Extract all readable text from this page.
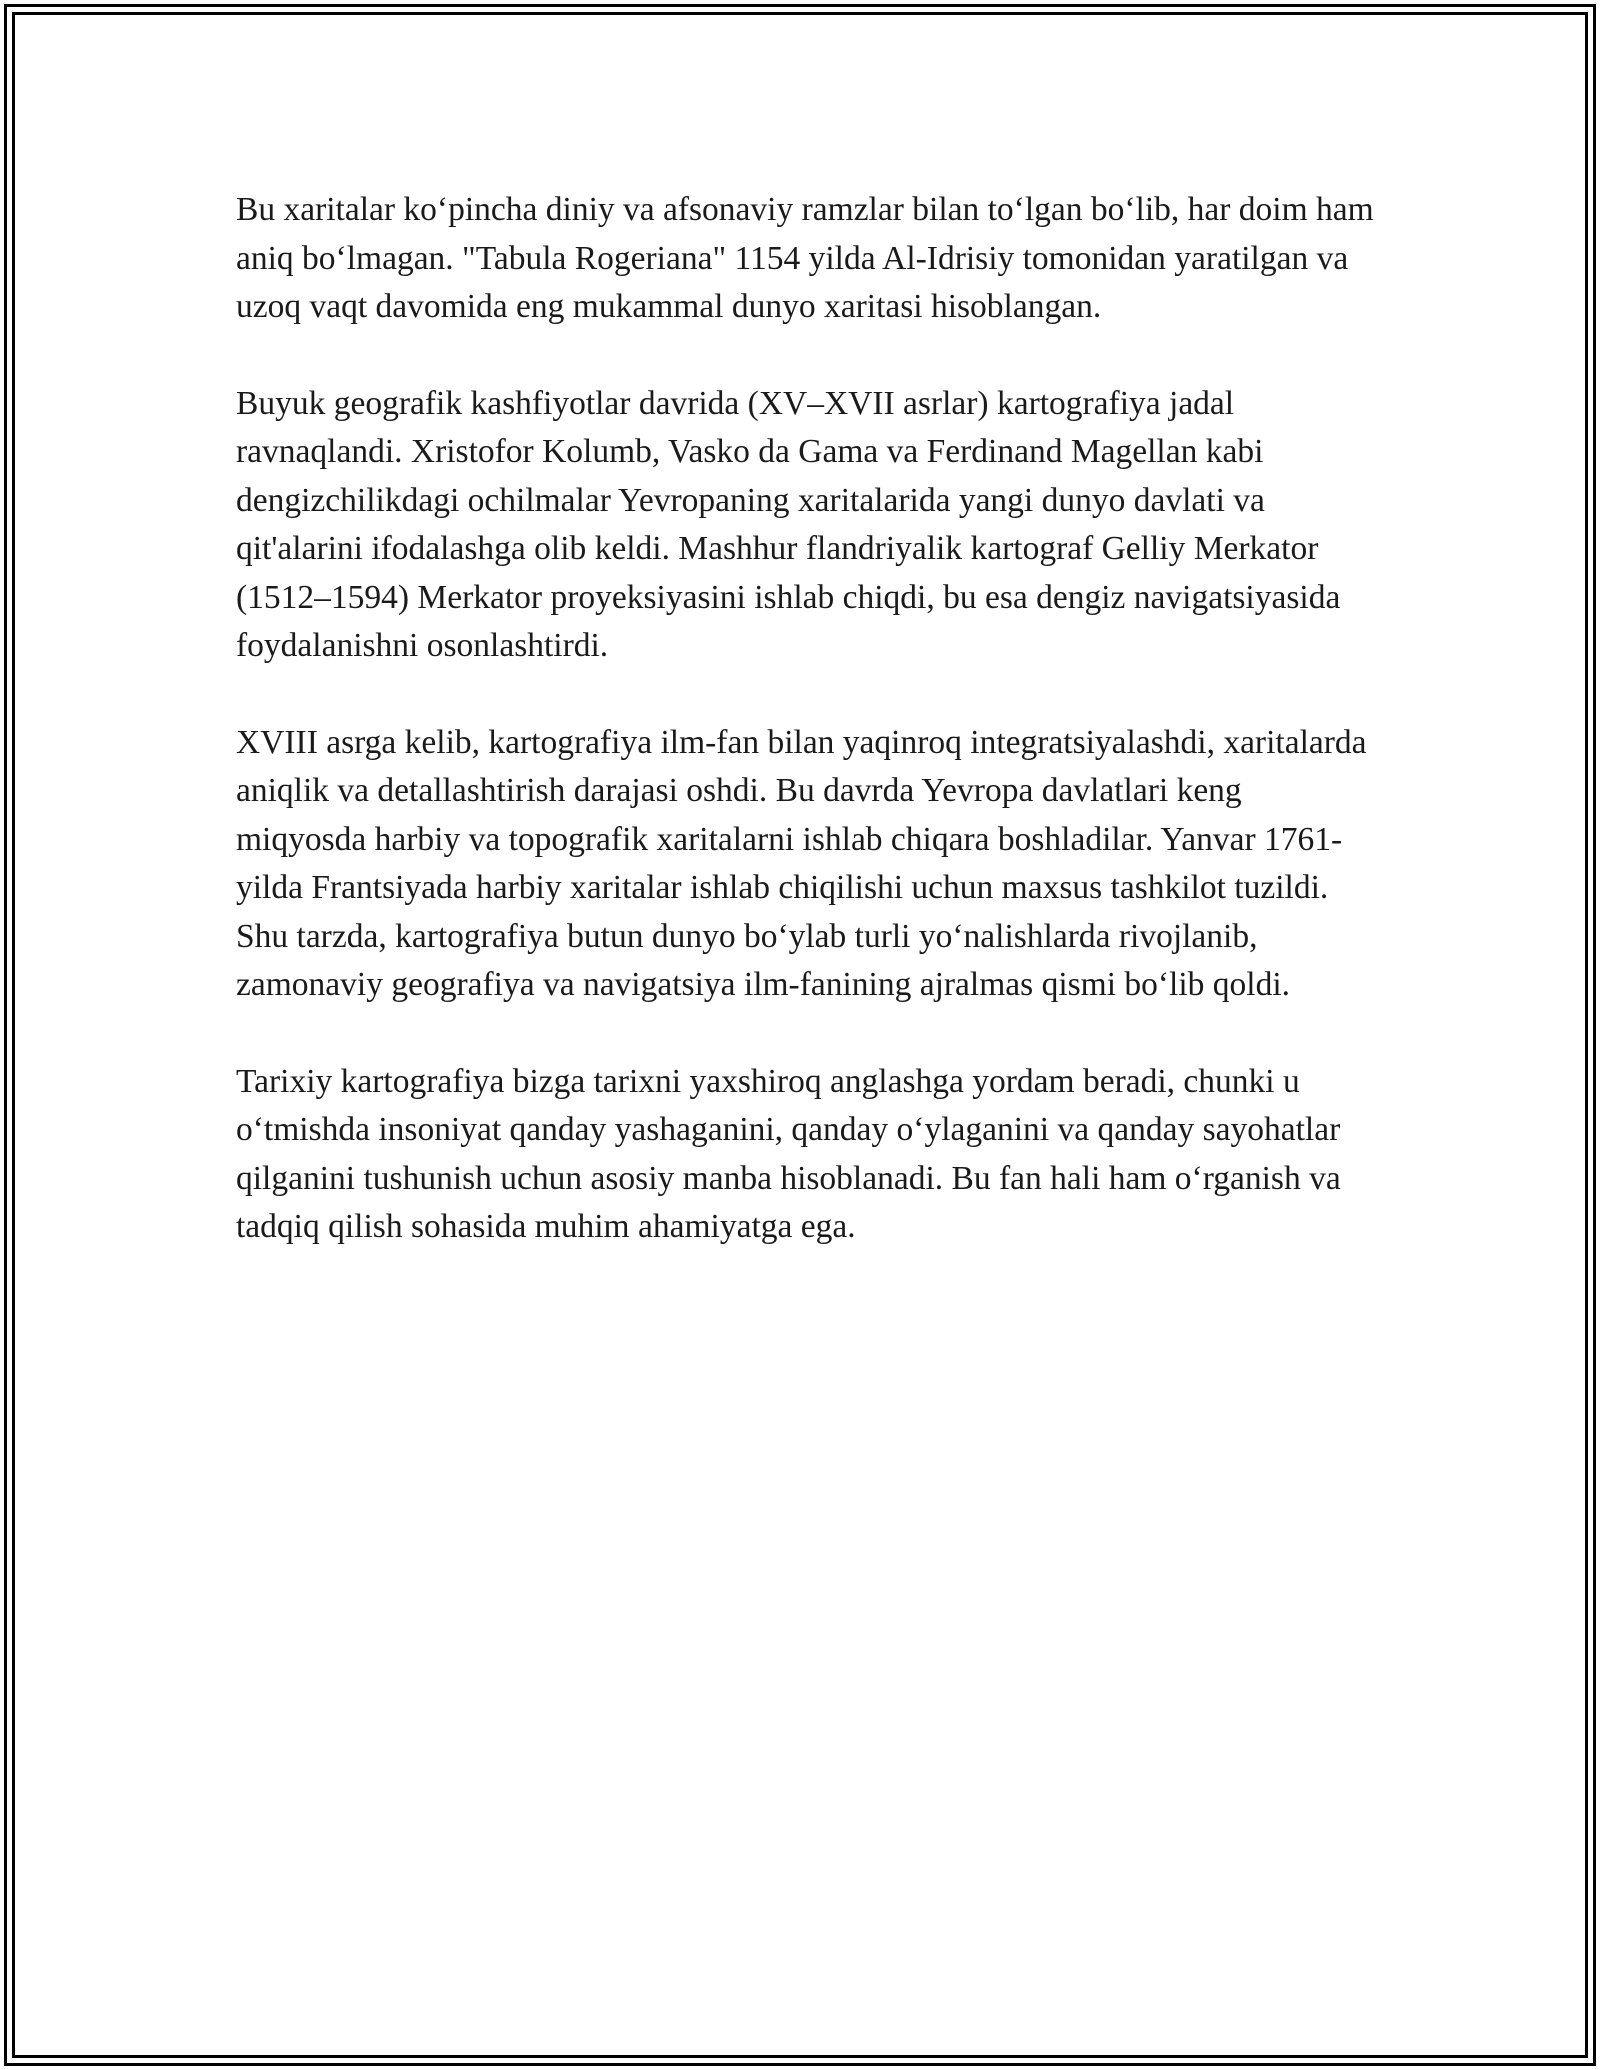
Bu xaritalar ko‘pincha diniy va afsonaviy ramzlar bilan to‘lgan bo‘lib, har doim ham aniq bo‘lmagan. "Tabula Rogeriana" 1154 yilda Al-Idrisiy tomonidan yaratilgan va uzoq vaqt davomida eng mukammal dunyo xaritasi hisoblangan.

Buyuk geografik kashfiyotlar davrida (XV–XVII asrlar) kartografiya jadal ravnaqlandi. Xristofor Kolumb, Vasko da Gama va Ferdinand Magellan kabi dengizchilikdagi ochilmalar Yevropaning xaritalarida yangi dunyo davlati va qit'alarini ifodalashga olib keldi. Mashhur flandriyalik kartograf Gelliy Merkator (1512–1594) Merkator proyeksiyasini ishlab chiqdi, bu esa dengiz navigatsiyasida foydalanishni osonlashtirdi.

XVIII asrga kelib, kartografiya ilm-fan bilan yaqinroq integratsiyalashdi, xaritalarda aniqlik va detallashtirish darajasi oshdi. Bu davrda Yevropa davlatlari keng miqyosda harbiy va topografik xaritalarni ishlab chiqara boshladilar. Yanvar 1761-yilda Frantsiyada harbiy xaritalar ishlab chiqilishi uchun maxsus tashkilot tuzildi. Shu tarzda, kartografiya butun dunyo bo‘ylab turli yo‘nalishlarda rivojlanib, zamonaviy geografiya va navigatsiya ilm-fanining ajralmas qismi bo‘lib qoldi.

Tarixiy kartografiya bizga tarixni yaxshiroq anglashga yordam beradi, chunki u o‘tmishda insoniyat qanday yashaganini, qanday o‘ylaganini va qanday sayohatlar qilganini tushunish uchun asosiy manba hisoblanadi. Bu fan hali ham o‘rganish va tadqiq qilish sohasida muhim ahamiyatga ega.
